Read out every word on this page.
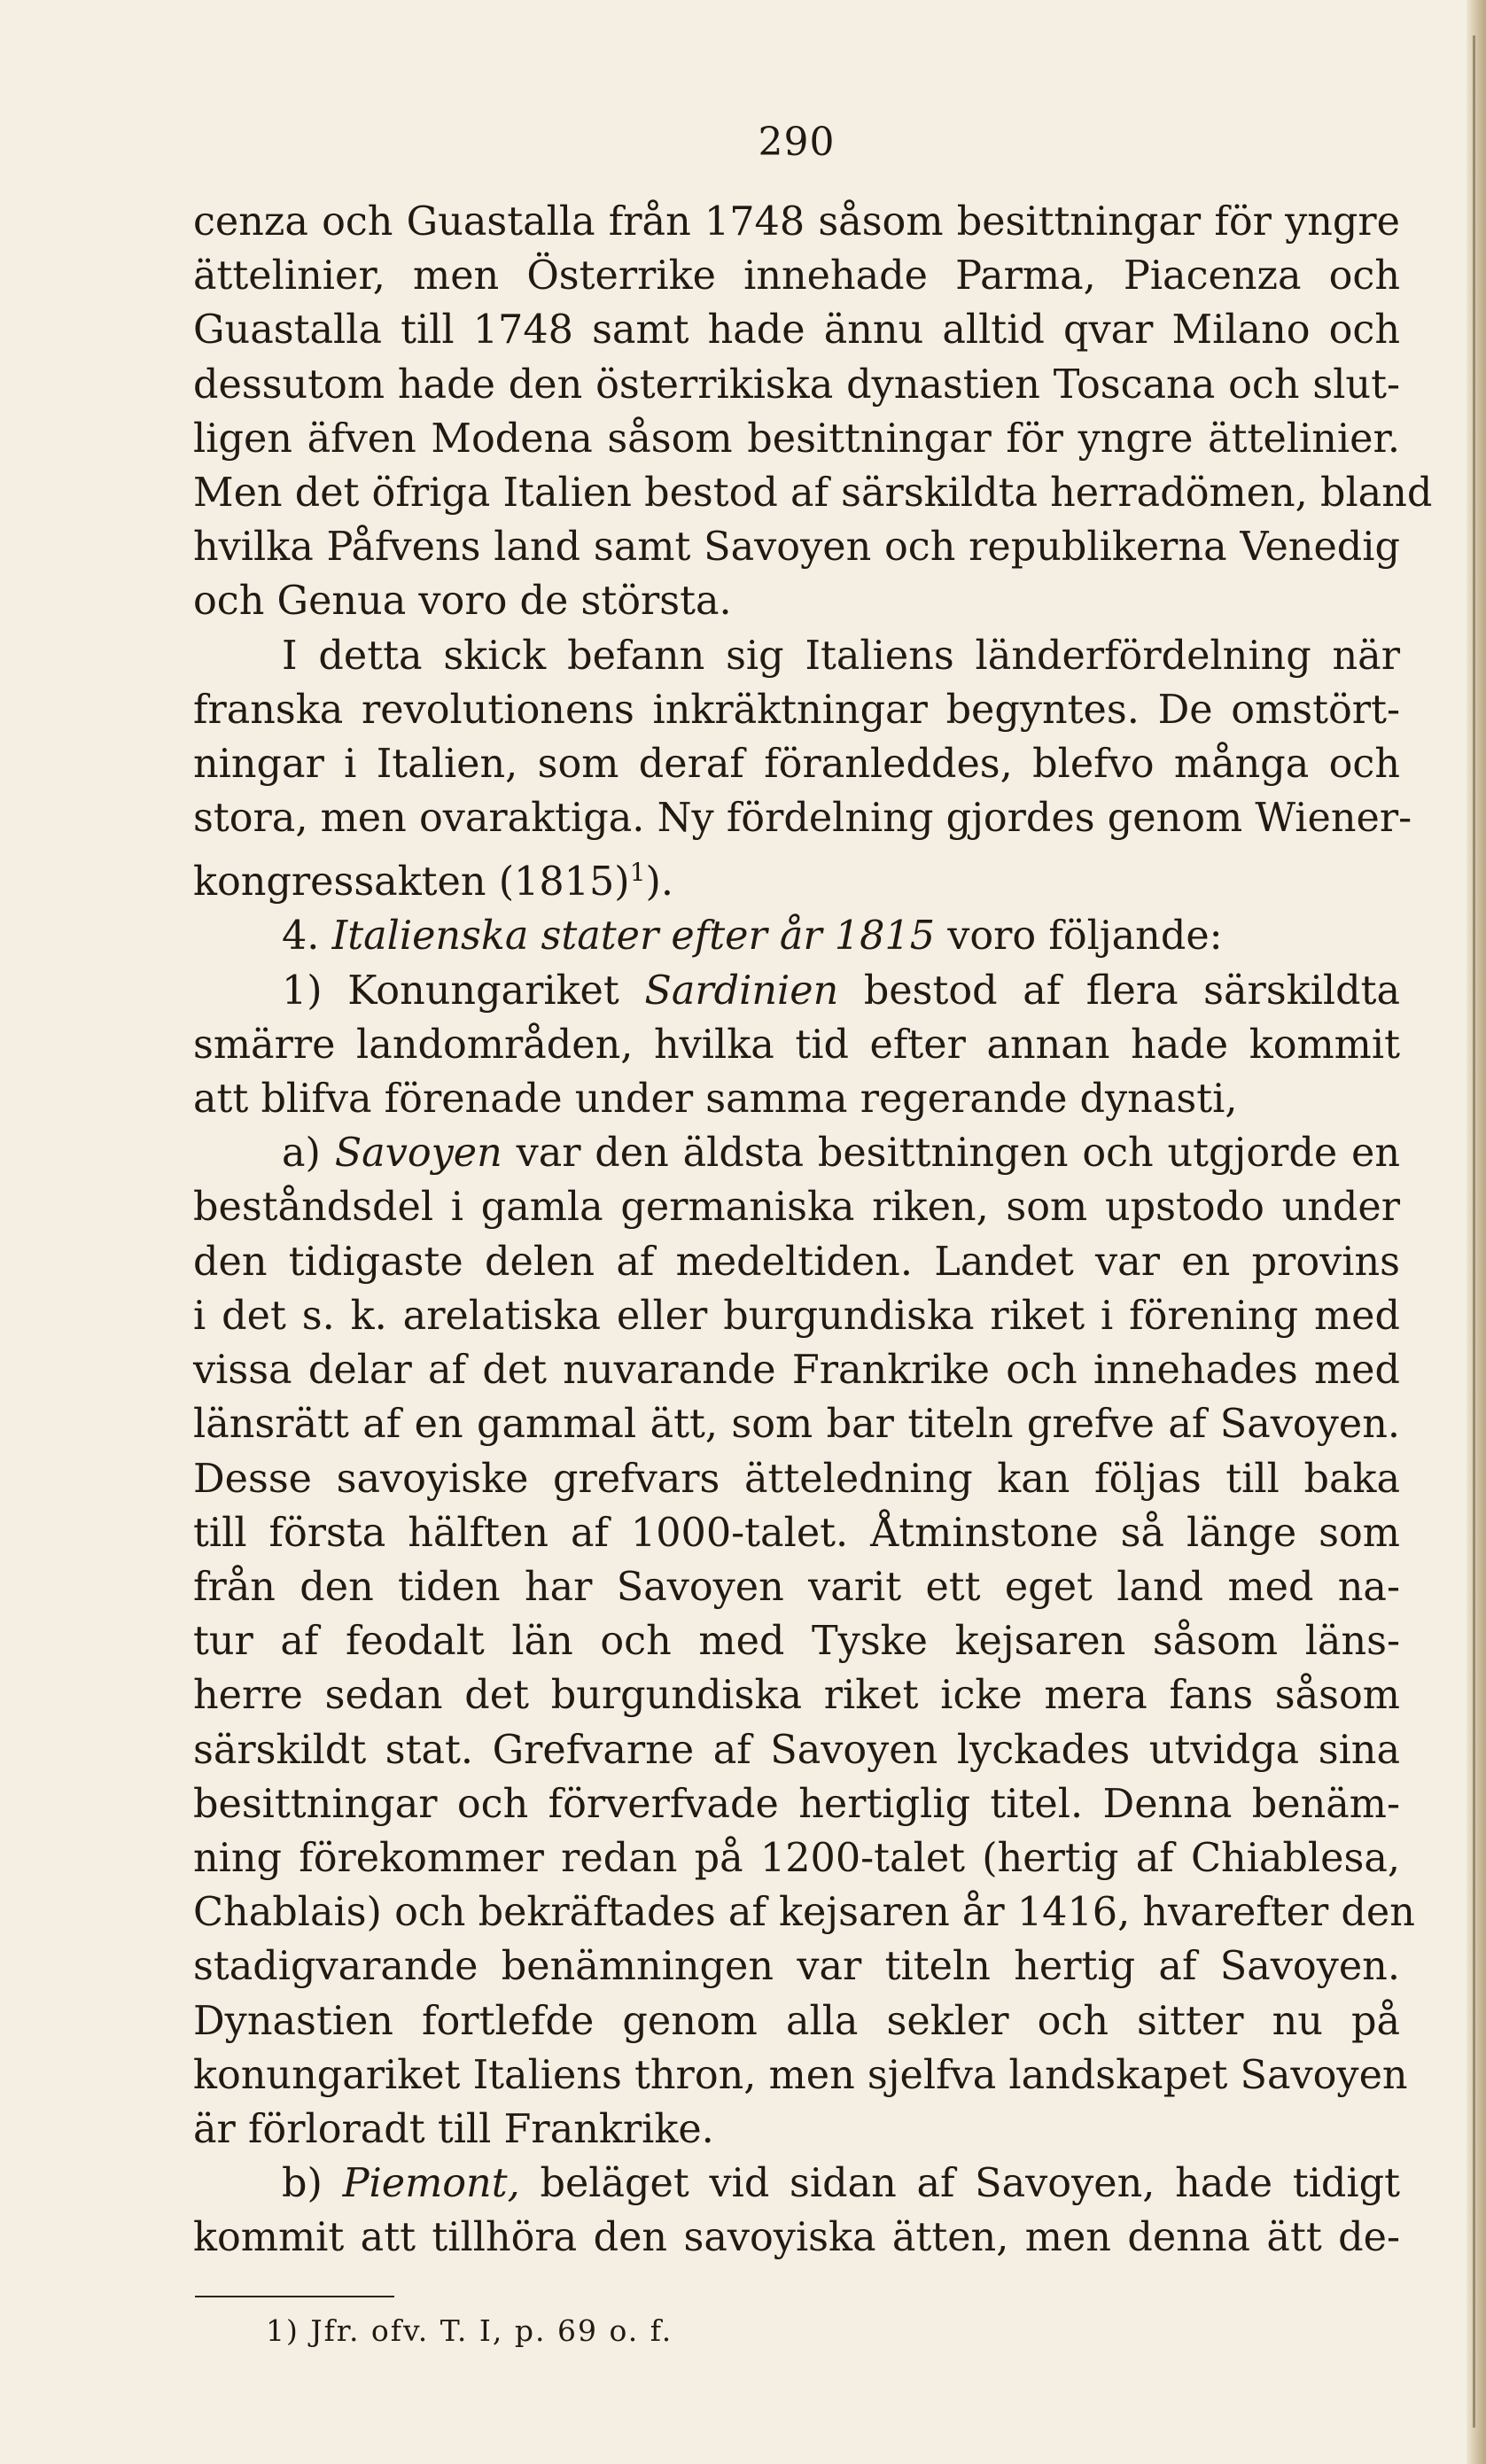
290
cenza och Guastalla från 1748 såsom besittningar för yngre
ättelinier, men Österrike innehade Parma, Piacenza och
Guastalla till 1748 samt hade ännu alltid qvar Milano och
dessutom hade den österrikiska dynastien Toscana och slut-
ligen äfven Modena såsom besittningar för yngre ättelinier.
Men det öfriga Italien bestod af särskildta herradömen, bland
hvilka Påfvens land samt Savoyen och republikerna Venedig
och Genua voro de största.
I detta skick befann sig Italiens länderfördelning när
franska revolutionens inkräktningar begyntes. De omstört-
ningar i Italien, som deraf föranleddes, blefvo många och
stora, men ovaraktiga. Ny fördelning gjordes genom Wiener-
kongressakten $(1815)^1$).
4. Italienska stater efter år 1815 voro följande:
1) Konungariket Sardinien bestod af flera särskildta
smärre landområden, hvilka tid efter annan hade kommit
att blifva förenade under samma regerande dynasti,
a) Savoyen var den äldsta besittningen och utgjorde en
beståndsdel i gamla germaniska riken, som upstodo under
den tidigaste delen af medeltiden. Landet var en provins
i det s. k. arelatiska eller burgundiska riket i förening med
vissa delar af det nuvarande Frankrike och innehades med
länsrätt af en gammal ätt, som bar titeln grefve af Savoyen.
Desse savoyiske grefvars ätteledning kan följas till baka
till första hälften af 1000-talet. Åtminstone så länge som
från den tiden har Savoyen varit ett eget land med na-
tur af feodalt län och med Tyske kejsaren såsom läns-
herre sedan det burgundiska riket icke mera fans såsom
särskildt stat. Grefvarne af Savoyen lyckades utvidga sina
besittningar och förverfvade hertiglig titel. Denna benäm-
ning förekommer redan på 1200-talet (hertig af Chiablesa,
Chablais) och bekräftades af kejsaren år 1416, hvarefter den
stadigvarande benämningen var titeln hertig af Savoyen.
Dynastien fortlefde genom alla sekler och sitter nu på
konungariket Italiens thron, men sjelfva landskapet Savoyen
är förloradt till Frankrike.
b) Piemont, beläget vid sidan af Savoyen, hade tidigt
kommit att tillhöra den savoyiska ätten, men denna ätt de-
1) Jfr. ofv. T. I, p. 69 o. f.
